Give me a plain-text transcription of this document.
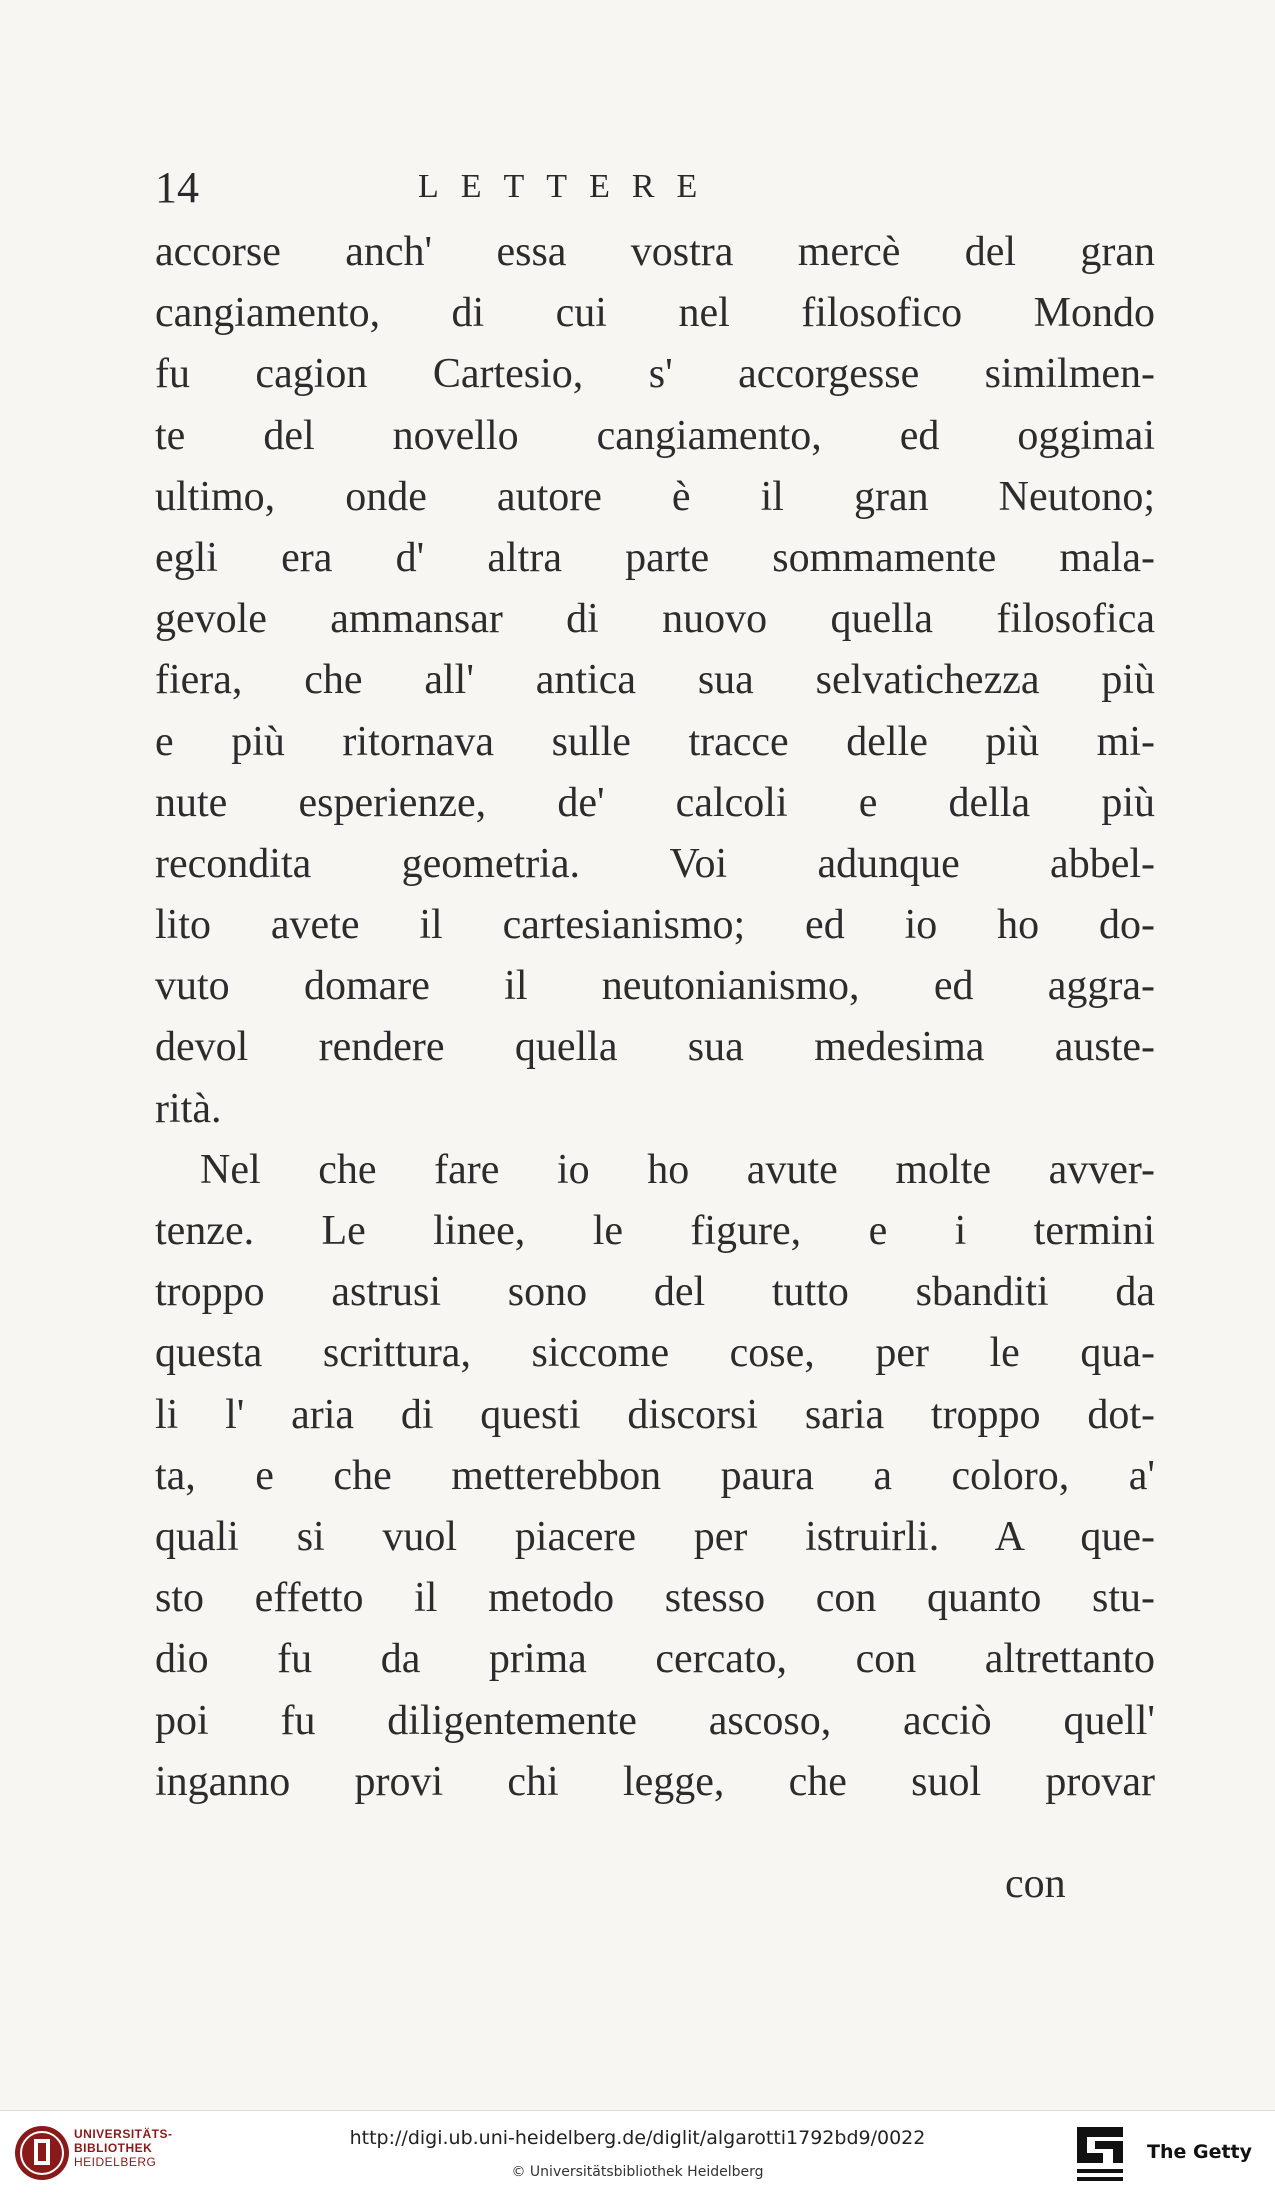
14	LETTERE
accorse anch' essa vostra mercè del gran
cangiamento, di cui nel filosofico Mondo
fu cagion Cartesio, s' accorgesse similmen-
te del novello cangiamento, ed oggimai
ultimo, onde autore è il gran Neutono;
egli era d' altra parte sommamente mala-
gevole ammansar di nuovo quella filosofica
fiera, che all' antica sua selvatichezza più
e più ritornava sulle tracce delle più mi-
nute esperienze, de' calcoli e della più
recondita geometria. Voi adunque abbel-
lito avete il cartesianismo; ed io ho do-
vuto domare il neutonianismo, ed aggra-
devol rendere quella sua medesima auste-
rità.
Nel che fare io ho avute molte avver-
tenze. Le linee, le figure, e i termini
troppo astrusi sono del tutto sbanditi da
questa scrittura, siccome cose, per le qua-
li l' aria di questi discorsi saria troppo dot-
ta, e che metterebbon paura a coloro, a'
quali si vuol piacere per istruirli. A que-
sto effetto il metodo stesso con quanto stu-
dio fu da prima cercato, con altrettanto
poi fu diligentemente ascoso, acciò quell'
inganno provi chi legge, che suol provar
con
UNIVERSITÄTS-
BIBLIOTHEK
HEIDELBERG
http://digi.ub.uni-heidelberg.de/diglit/algarotti1792bd9/0022
© Universitätsbibliothek Heidelberg
The Getty
